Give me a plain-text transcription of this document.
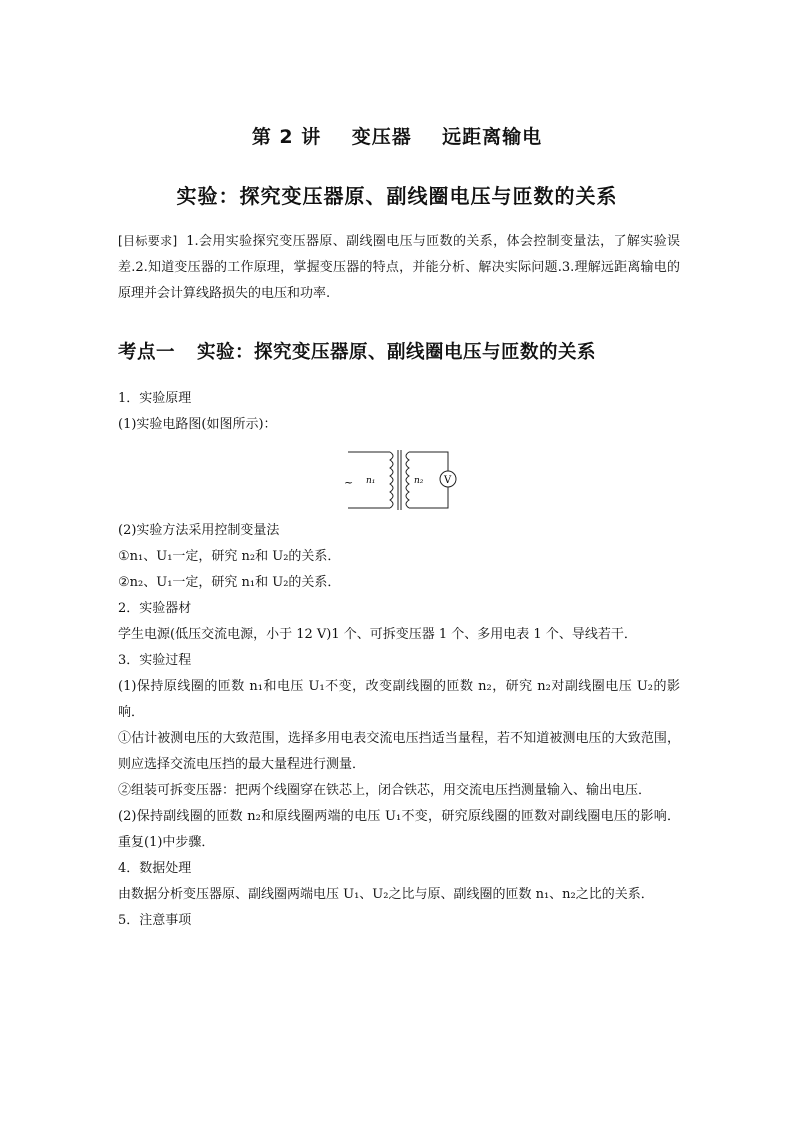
第 2 讲    变压器    远距离输电
实验：探究变压器原、副线圈电压与匝数的关系
[目标要求]  1.会用实验探究变压器原、副线圈电压与匝数的关系，体会控制变量法，了解实验误差.2.知道变压器的工作原理，掌握变压器的特点，并能分析、解决实际问题.3.理解远距离输电的原理并会计算线路损失的电压和功率.
考点一 实验：探究变压器原、副线圈电压与匝数的关系
1．实验原理
(1)实验电路图(如图所示)：
~ n₁	n₂ V
(2)实验方法采用控制变量法
①n₁、U₁一定，研究 n₂和 U₂的关系．
②n₂、U₁一定，研究 n₁和 U₂的关系．
2．实验器材
学生电源(低压交流电源，小于 12 V)1 个、可拆变压器 1 个、多用电表 1 个、导线若干．
3．实验过程
(1)保持原线圈的匝数 n₁和电压 U₁不变，改变副线圈的匝数 n₂，研究 n₂对副线圈电压 U₂的影响．
①估计被测电压的大致范围，选择多用电表交流电压挡适当量程，若不知道被测电压的大致范围，则应选择交流电压挡的最大量程进行测量．
②组装可拆变压器：把两个线圈穿在铁芯上，闭合铁芯，用交流电压挡测量输入、输出电压．
(2)保持副线圈的匝数 n₂和原线圈两端的电压 U₁不变，研究原线圈的匝数对副线圈电压的影响．重复(1)中步骤．
4．数据处理
由数据分析变压器原、副线圈两端电压 U₁、U₂之比与原、副线圈的匝数 n₁、n₂之比的关系．
5．注意事项
